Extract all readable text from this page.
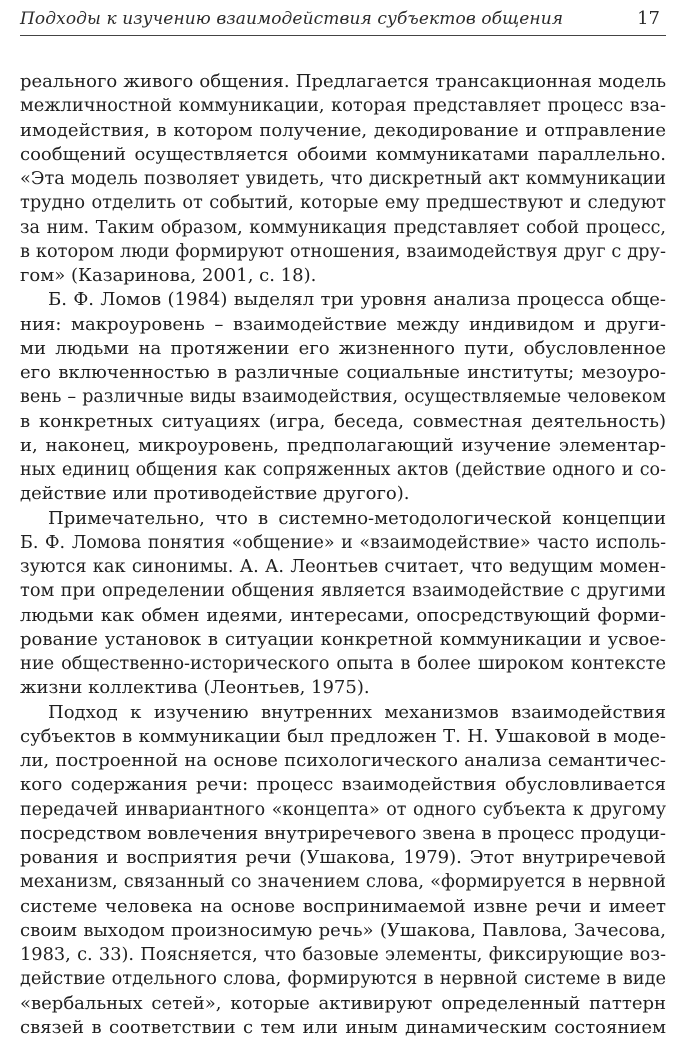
Подходы к изучению взаимодействия субъектов общения	17
реального живого общения. Предлагается трансакционная модель
межличностной коммуникации, которая представляет процесс вза-
имодействия, в котором получение, декодирование и отправление
сообщений осуществляется обоими коммуникатами параллельно.
«Эта модель позволяет увидеть, что дискретный акт коммуникации
трудно отделить от событий, которые ему предшествуют и следуют
за ним. Таким образом, коммуникация представляет собой процесс,
в котором люди формируют отношения, взаимодействуя друг с дру-
гом» (Казаринова, 2001, с. 18).
Б. Ф. Ломов (1984) выделял три уровня анализа процесса обще-
ния: макроуровень – взаимодействие между индивидом и други-
ми людьми на протяжении его жизненного пути, обусловленное
его включенностью в различные социальные институты; мезоуро-
вень – различные виды взаимодействия, осуществляемые человеком
в конкретных ситуациях (игра, беседа, совместная деятельность)
и, наконец, микроуровень, предполагающий изучение элементар-
ных единиц общения как сопряженных актов (действие одного и со-
действие или противодействие другого).
Примечательно, что в системно-методологической концепции
Б. Ф. Ломова понятия «общение» и «взаимодействие» часто исполь-
зуются как синонимы. А. А. Леонтьев считает, что ведущим момен-
том при определении общения является взаимодействие с другими
людьми как обмен идеями, интересами, опосредствующий форми-
рование установок в ситуации конкретной коммуникации и усвое-
ние общественно-исторического опыта в более широком контексте
жизни коллектива (Леонтьев, 1975).
Подход к изучению внутренних механизмов взаимодействия
субъектов в коммуникации был предложен Т. Н. Ушаковой в моде-
ли, построенной на основе психологического анализа семантичес-
кого содержания речи: процесс взаимодействия обусловливается
передачей инвариантного «концепта» от одного субъекта к другому
посредством вовлечения внутриречевого звена в процесс продуци-
рования и восприятия речи (Ушакова, 1979). Этот внутриречевой
механизм, связанный со значением слова, «формируется в нервной
системе человека на основе воспринимаемой извне речи и имеет
своим выходом произносимую речь» (Ушакова, Павлова, Зачесова,
1983, с. 33). Поясняется, что базовые элементы, фиксирующие воз-
действие отдельного слова, формируются в нервной системе в виде
«вербальных сетей», которые активируют определенный паттерн
связей в соответствии с тем или иным динамическим состоянием
